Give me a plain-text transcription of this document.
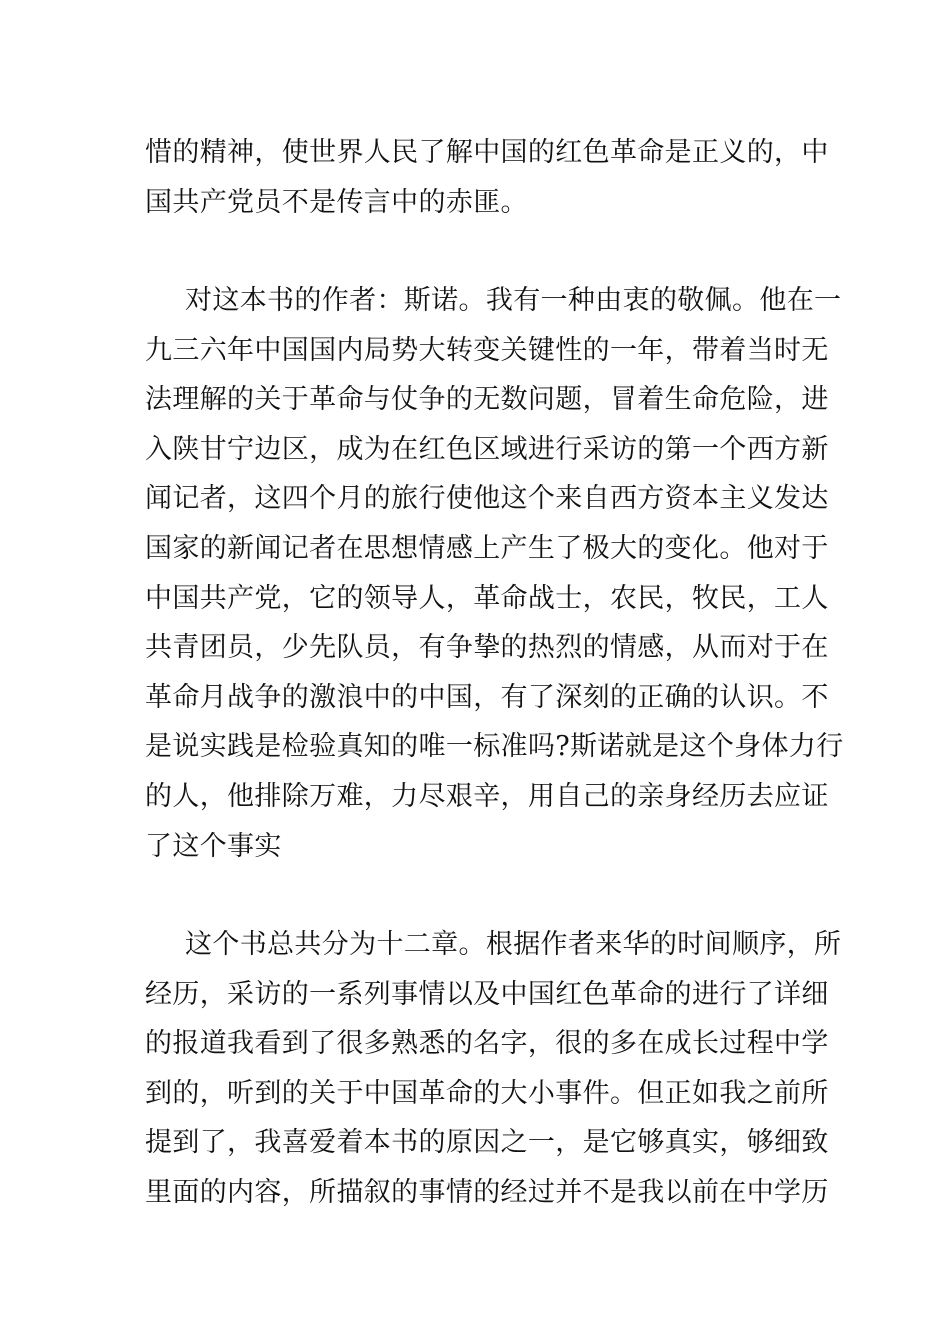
惜的精神，使世界人民了解中国的红色革命是正义的，中
国共产党员不是传言中的赤匪。
对这本书的作者：斯诺。我有一种由衷的敬佩。他在一
九三六年中国国内局势大转变关键性的一年，带着当时无
法理解的关于革命与仗争的无数问题，冒着生命危险，进
入陕甘宁边区，成为在红色区域进行采访的第一个西方新
闻记者，这四个月的旅行使他这个来自西方资本主义发达
国家的新闻记者在思想情感上产生了极大的变化。他对于
中国共产党，它的领导人，革命战士，农民，牧民，工人
共青团员，少先队员，有争挚的热烈的情感，从而对于在
革命月战争的激浪中的中国，有了深刻的正确的认识。不
是说实践是检验真知的唯一标准吗?斯诺就是这个身体力行
的人，他排除万难，力尽艰辛，用自己的亲身经历去应证
了这个事实
这个书总共分为十二章。根据作者来华的时间顺序，所
经历，采访的一系列事情以及中国红色革命的进行了详细
的报道我看到了很多熟悉的名字，很的多在成长过程中学
到的，听到的关于中国革命的大小事件。但正如我之前所
提到了，我喜爱着本书的原因之一，是它够真实，够细致
里面的内容，所描叙的事情的经过并不是我以前在中学历
